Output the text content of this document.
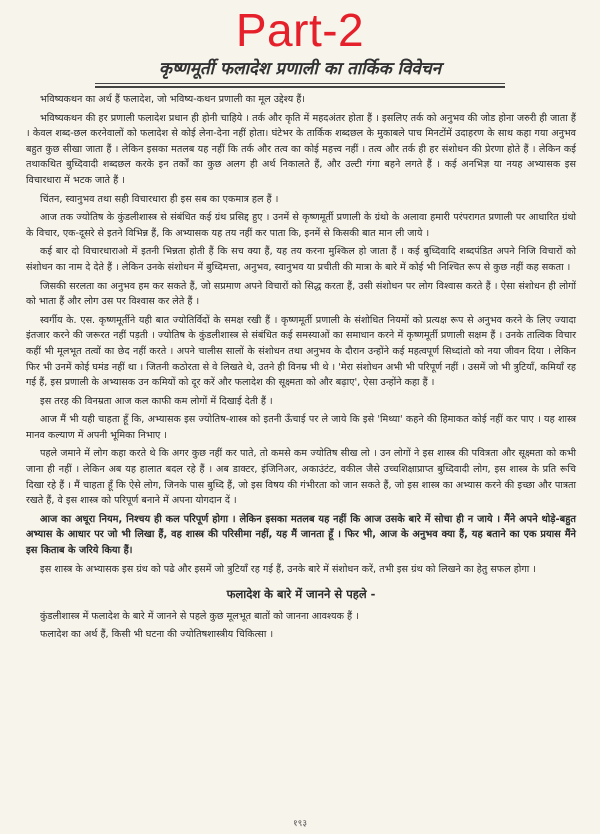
Part-2
कृष्णमूर्ती फलादेश प्रणाली का तार्किक विवेचन

भविष्यकथन का अर्थ हैं फलादेश, जो भविष्य-कथन प्रणाली का मूल उद्देश्य हैं।

भविष्यकथन की हर प्रणाली फलादेश प्रधान ही होनी चाहिये । तर्क और कृति में महदअंतर होता हैं । इसलिए तर्क को अनुभव की जोड होना जरुरी ही जाता हैं । केवल शब्द-छल करनेवालों को फलादेश से कोई लेना-देना नहीं होता। घंटेभर के तार्किक शब्दछल के मुकाबले पाच मिनटोंमें उदाहरण के साथ कहा गया अनुभव बहुत कुछ सीखा जाता हैं । लेकिन इसका मतलब यह नहीं कि तर्क और तत्व का कोई महत्त्व नहीं । तत्व और तर्क ही हर संशोधन की प्रेरणा होते हैं । लेकिन कई तथाकथित बुध्दिवादी शब्दछल करके इन तर्कों का कुछ अलग ही अर्थ निकालते हैं, और उल्टी गंगा बहने लगते हैं । कई अनभिज्ञ या नयह अभ्यासक इस विचारधारा में भटक जाते हैं ।

चिंतन, स्वानुभव तथा सही विचारधारा ही इस सब का एकमात्र हल हैं ।

आज तक ज्योतिष के कुंडलीशास्त्र से संबंधित कई ग्रंथ प्रसिद्द हुए । उनमें से कृष्णमूर्ती प्रणाली के ग्रंथो के अलावा हमारी परंपरागत प्रणाली पर आधारित ग्रंथो के विचार, एक-दूसरे से इतने विभिन्न हैं, कि अभ्यासक यह तय नहीं कर पाता कि, इनमें से किसकी बात मान ली जाये ।

कई बार दो विचारधाराओ में इतनी भिन्नता होती हैं कि सच क्या हैं, यह तय करना मुश्किल हो जाता हैं । कई बुध्दिवादि शब्दपंडित अपने निजि विचारों को संशोधन का नाम दे देते हैं । लेकिन उनके संशोधन में बुध्दिमत्ता, अनुभव, स्वानुभव या प्रचीती की मात्रा के बारे में कोई भी निश्चित रूप से कुछ नहीं कह सकता ।

जिसकी सरलता का अनुभव हम कर सकते हैं, जो सप्रमाण अपने विचारों को सिद्ध करता हैं, उसी संशोधन पर लोग विश्वास करते हैं । ऐसा संशोधन ही लोगों को भाता हैं और लोग उस पर विश्वास कर लेते हैं ।

स्वर्गीय के. एस. कृष्णमूर्तीने यही बात ज्योतिर्विदों के समक्ष रखी हैं । कृष्णमूर्ती प्रणाली के संशोधित नियमों को प्रत्यक्ष रूप से अनुभव करने के लिए ज्यादा इंतजार करने की जरूरत नहीं पड़ती । ज्योतिष के कुंडलीशास्त्र से संबंधित कई समस्याओं का समाधान करने में कृष्णमूर्ती प्रणाली सक्षम हैं । उनके तात्विक विचार कहीं भी मूलभूत तत्वों का छेद नहीं करते । अपने चालीस सालों के संशोधन तथा अनुभव के दौरान उन्होंने कई महत्वपूर्ण सिध्दांतो को नया जीवन दिया । लेकिन फिर भी उनमें कोई घमंड नहीं था । जितनी कठोरता से वे लिखते थे, उतने ही विनम्र भी थे । 'मेरा संशोधन अभी भी परिपूर्ण नहीं । उसमें जो भी त्रुटियाँ, कमियाँ रह गई हैं, इस प्रणाली के अभ्यासक उन कमियों को दूर करें और फलादेश की सूक्ष्मता को और बढ़ाए', ऐसा उन्होंने कहा हैं ।

इस तरह की विनम्रता आज कल काफी कम लोगों में दिखाई देती हैं ।

आज मैं भी यही चाहता हूँ कि, अभ्यासक इस ज्योतिष-शास्त्र को इतनी ऊँचाई पर ले जाये कि इसे 'मिथ्या' कहने की हिमाकत कोई नहीं कर पाए । यह शास्त्र मानव कल्याण में अपनी भूमिका निभाए ।

पहले जमाने में लोग कहा करते थे कि अगर कुछ नहीं कर पाते, तो कमसे कम ज्योतिष सीख लो । उन लोगों ने इस शास्त्र की पवित्रता और सूक्ष्मता को कभी जाना ही नहीं । लेकिन अब यह हालात बदल रहे हैं । अब डाक्टर, इंजिनिअर, अकाउंटंट, वकील जैसे उच्चशिक्षाप्राप्त बुध्दिवादी लोग, इस शास्त्र के प्रति रूचि दिखा रहे हैं । मैं चाहता हूँ कि ऐसे लोग, जिनके पास बुध्दि हैं, जो इस विषय की गंभीरता को जान सकते हैं, जो इस शास्त्र का अभ्यास करने की इच्छा और पात्रता रखते हैं, वे इस शास्त्र को परिपूर्ण बनाने में अपना योगदान दें ।

आज का अधूरा नियम, निश्चय ही कल परिपूर्ण होगा । लेकिन इसका मतलब यह नहीं कि आज उसके बारे में सोचा ही न जाये । मैंने अपने थोड़े-बहुत अभ्यास के आधार पर जो भी लिखा हैं, वह शास्त्र की परिसीमा नहीं, यह मैं जानता हूँ । फिर भी, आज के अनुभव क्या हैं, यह बताने का एक प्रयास मैंने इस किताब के जरिये किया हैं।

इस शास्त्र के अभ्यासक इस ग्रंथ को पढे और इसमें जो त्रुटियाँ रह गई हैं, उनके बारे में संशोधन करें, तभी इस ग्रंथ को लिखने का हेतु सफल होगा ।

फलादेश के बारे में जानने से पहले -

कुंडलीशास्त्र में फलादेश के बारे में जानने से पहले कुछ मूलभूत बातों को जानना आवश्यक हैं ।

फलादेश का अर्थ हैं, किसी भी घटना की ज्योतिषशास्त्रीय चिकित्सा ।

१९३
